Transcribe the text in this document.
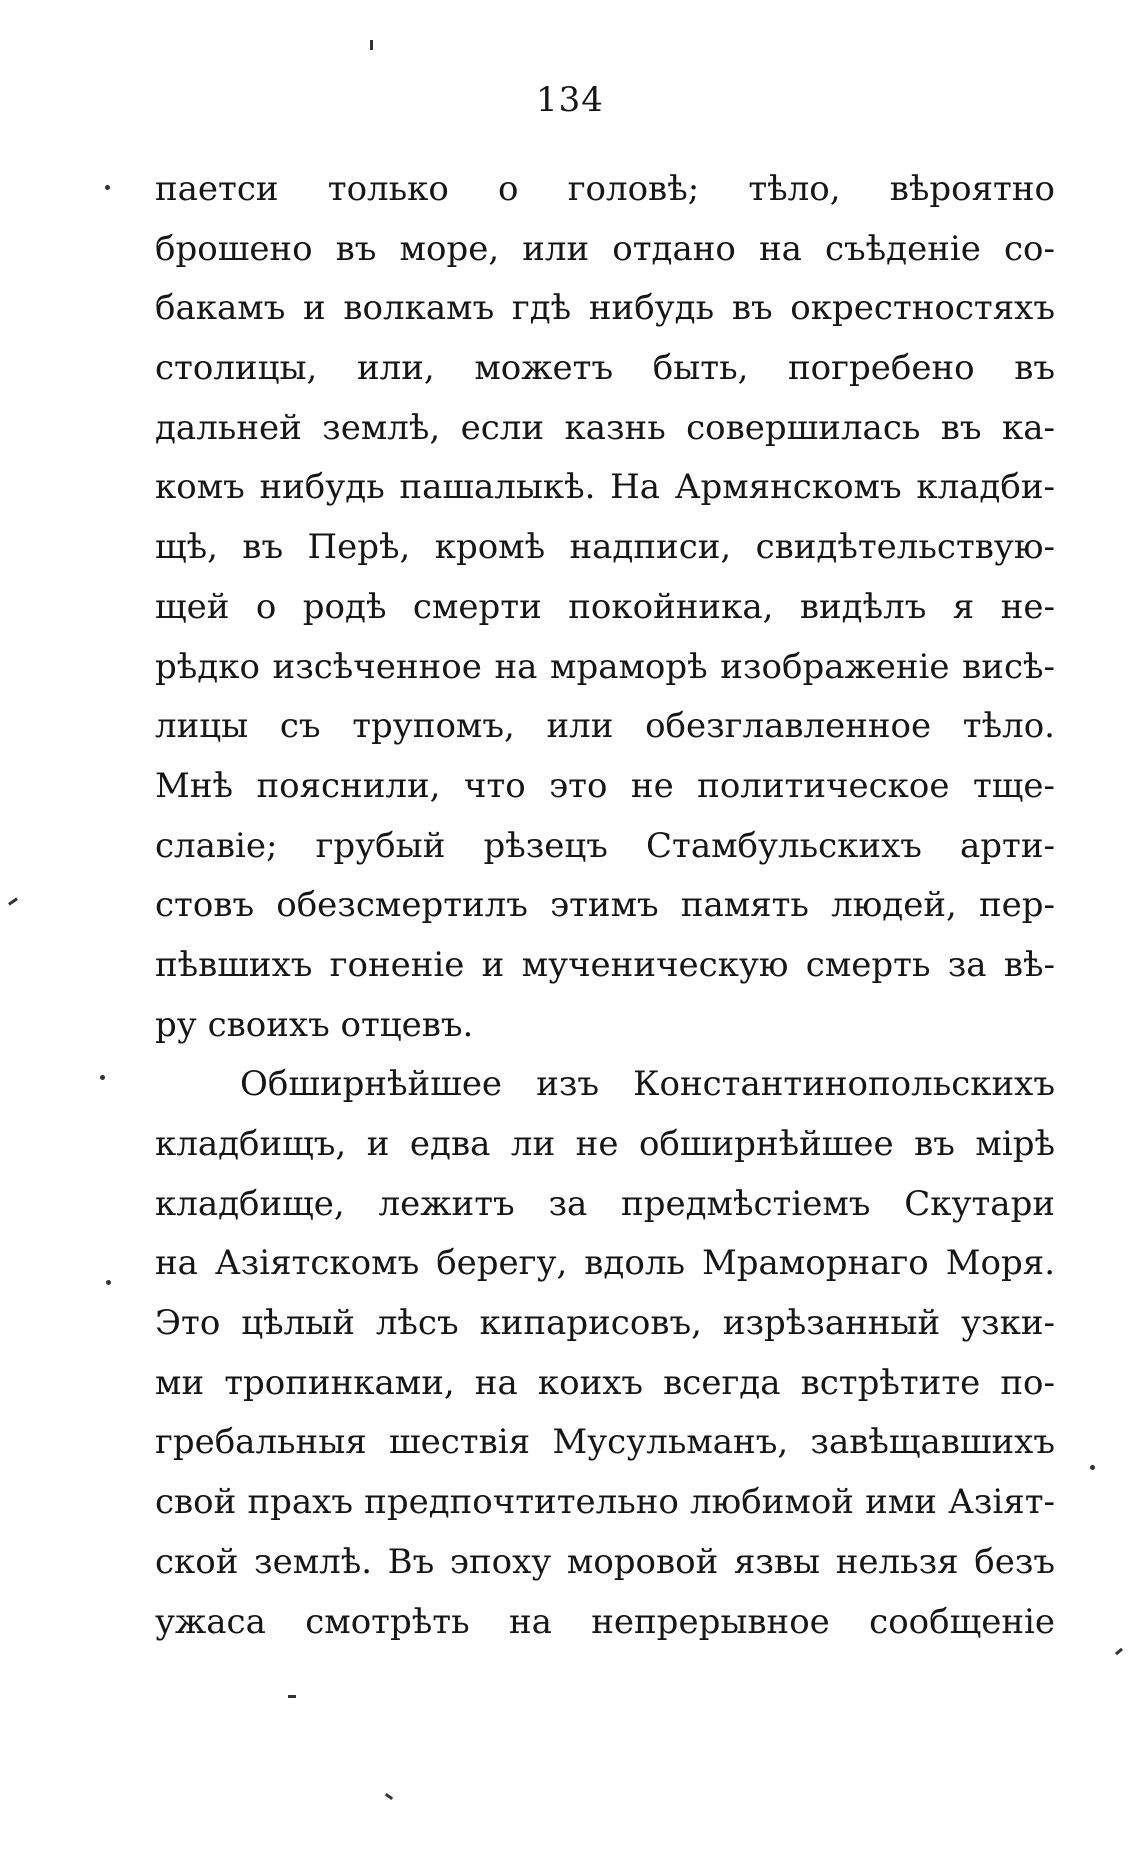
134
паетси только о головѣ; тѣло, вѣроятно
брошено въ море, или отдано на съѣденіе со-
бакамъ и волкамъ гдѣ нибудь въ окрестностяхъ
столицы, или, можетъ быть, погребено въ
дальней землѣ, если казнь совершилась въ ка-
комъ нибудь пашалыкѣ. На Армянскомъ кладби-
щѣ, въ Перѣ, кромѣ надписи, свидѣтельствую-
щей о родѣ смерти покойника, видѣлъ я не-
рѣдко изсѣченное на мраморѣ изображеніе висѣ-
лицы съ трупомъ, или обезглавленное тѣло.
Мнѣ пояснили, что это не политическое тще-
славіе; грубый рѣзецъ Стамбульскихъ арти-
стовъ обезсмертилъ этимъ память людей, пер-
пѣвшихъ гоненіе и мученическую смерть за вѣ-
ру своихъ отцевъ.
Обширнѣйшее изъ Константинопольскихъ
кладбищъ, и едва ли не обширнѣйшее въ мірѣ
кладбище, лежитъ за предмѣстіемъ Скутари
на Азіятскомъ берегу, вдоль Мраморнаго Моря.
Это цѣлый лѣсъ кипарисовъ, изрѣзанный узки-
ми тропинками, на коихъ всегда встрѣтите по-
гребальныя шествія Мусульманъ, завѣщавшихъ
свой прахъ предпочтительно любимой ими Азіят-
ской землѣ. Въ эпоху моровой язвы нельзя безъ
ужаса смотрѣть на непрерывное сообщеніе
